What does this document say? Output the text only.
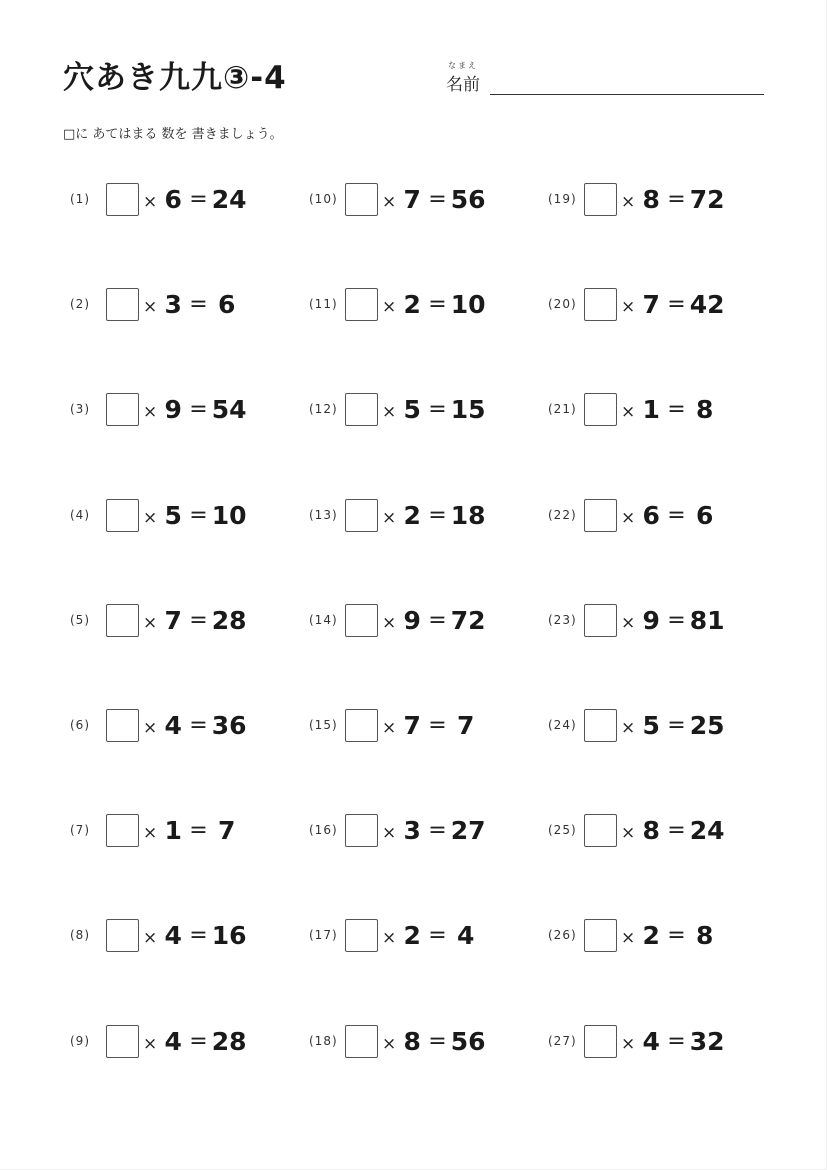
穴あき九九③-4	なまえ
名前
□に あてはまる 数を 書きましょう。
(1)	× 6 = 24
(2)	× 3 = 6
(3)	× 9 = 54
(4)	× 5 = 10
(5)	× 7 = 28
(6)	× 4 = 36
(7)	× 1 = 7
(8)	× 4 = 16
(9)	× 4 = 28
(10)	× 7 = 56
(11)	× 2 = 10
(12)	× 5 = 15
(13)	× 2 = 18
(14)	× 9 = 72
(15)	× 7 = 7
(16)	× 3 = 27
(17)	× 2 = 4
(18)	× 8 = 56
(19)	× 8 = 72
(20)	× 7 = 42
(21)	× 1 = 8
(22)	× 6 = 6
(23)	× 9 = 81
(24)	× 5 = 25
(25)	× 8 = 24
(26)	× 2 = 8
(27)	× 4 = 32
